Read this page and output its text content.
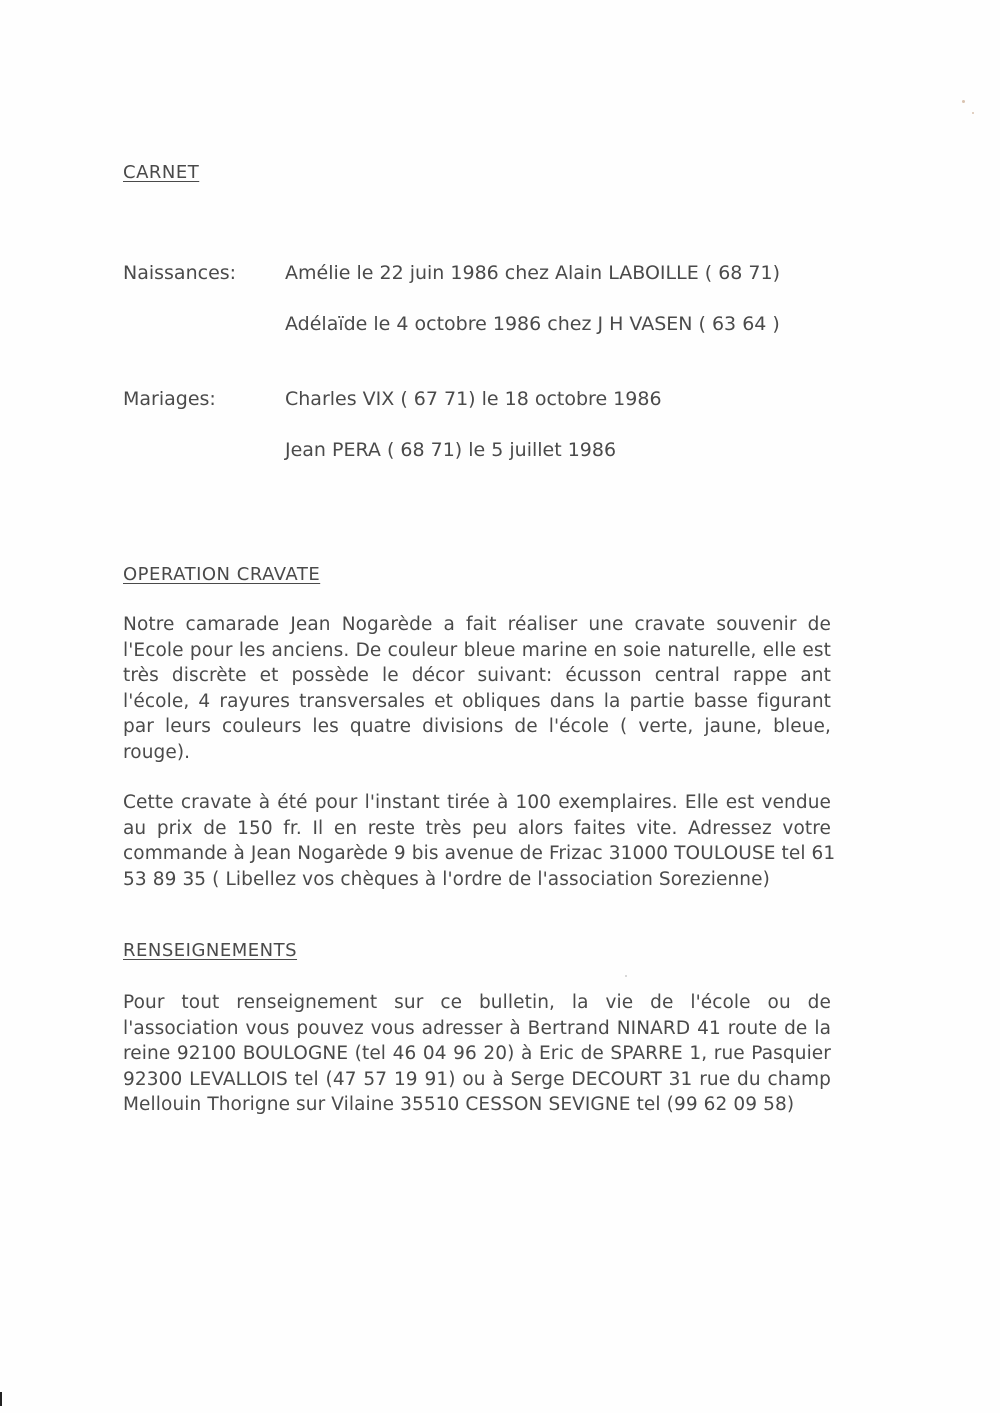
CARNET
Naissances:	Amélie le 22 juin 1986 chez Alain LABOILLE ( 68 71)
Adélaïde le 4 octobre 1986 chez J H VASEN ( 63 64 )
Mariages:	Charles VIX ( 67 71) le 18 octobre 1986
Jean PERA ( 68 71) le 5 juillet 1986
OPERATION CRAVATE
Notre camarade Jean Nogarède a fait réaliser une cravate souvenir de
l'Ecole pour les anciens. De couleur bleue marine en soie naturelle, elle est
très discrète et possède le décor suivant: écusson central rappe ant
l'école, 4 rayures transversales et obliques dans la partie basse figurant
par leurs couleurs les quatre divisions de l'école ( verte, jaune, bleue,
rouge).
Cette cravate à été pour l'instant tirée à 100 exemplaires. Elle est vendue
au prix de 150 fr. Il en reste très peu alors faites vite. Adressez votre
commande à Jean Nogarède 9 bis avenue de Frizac 31000 TOULOUSE tel 61
53 89 35 ( Libellez vos chèques à l'ordre de l'association Sorezienne)
RENSEIGNEMENTS
Pour tout renseignement sur ce bulletin, la vie de l'école ou de
l'association vous pouvez vous adresser à Bertrand NINARD 41 route de la
reine 92100 BOULOGNE (tel 46 04 96 20) à Eric de SPARRE 1, rue Pasquier
92300 LEVALLOIS tel (47 57 19 91) ou à Serge DECOURT 31 rue du champ
Mellouin Thorigne sur Vilaine 35510 CESSON SEVIGNE tel (99 62 09 58)
